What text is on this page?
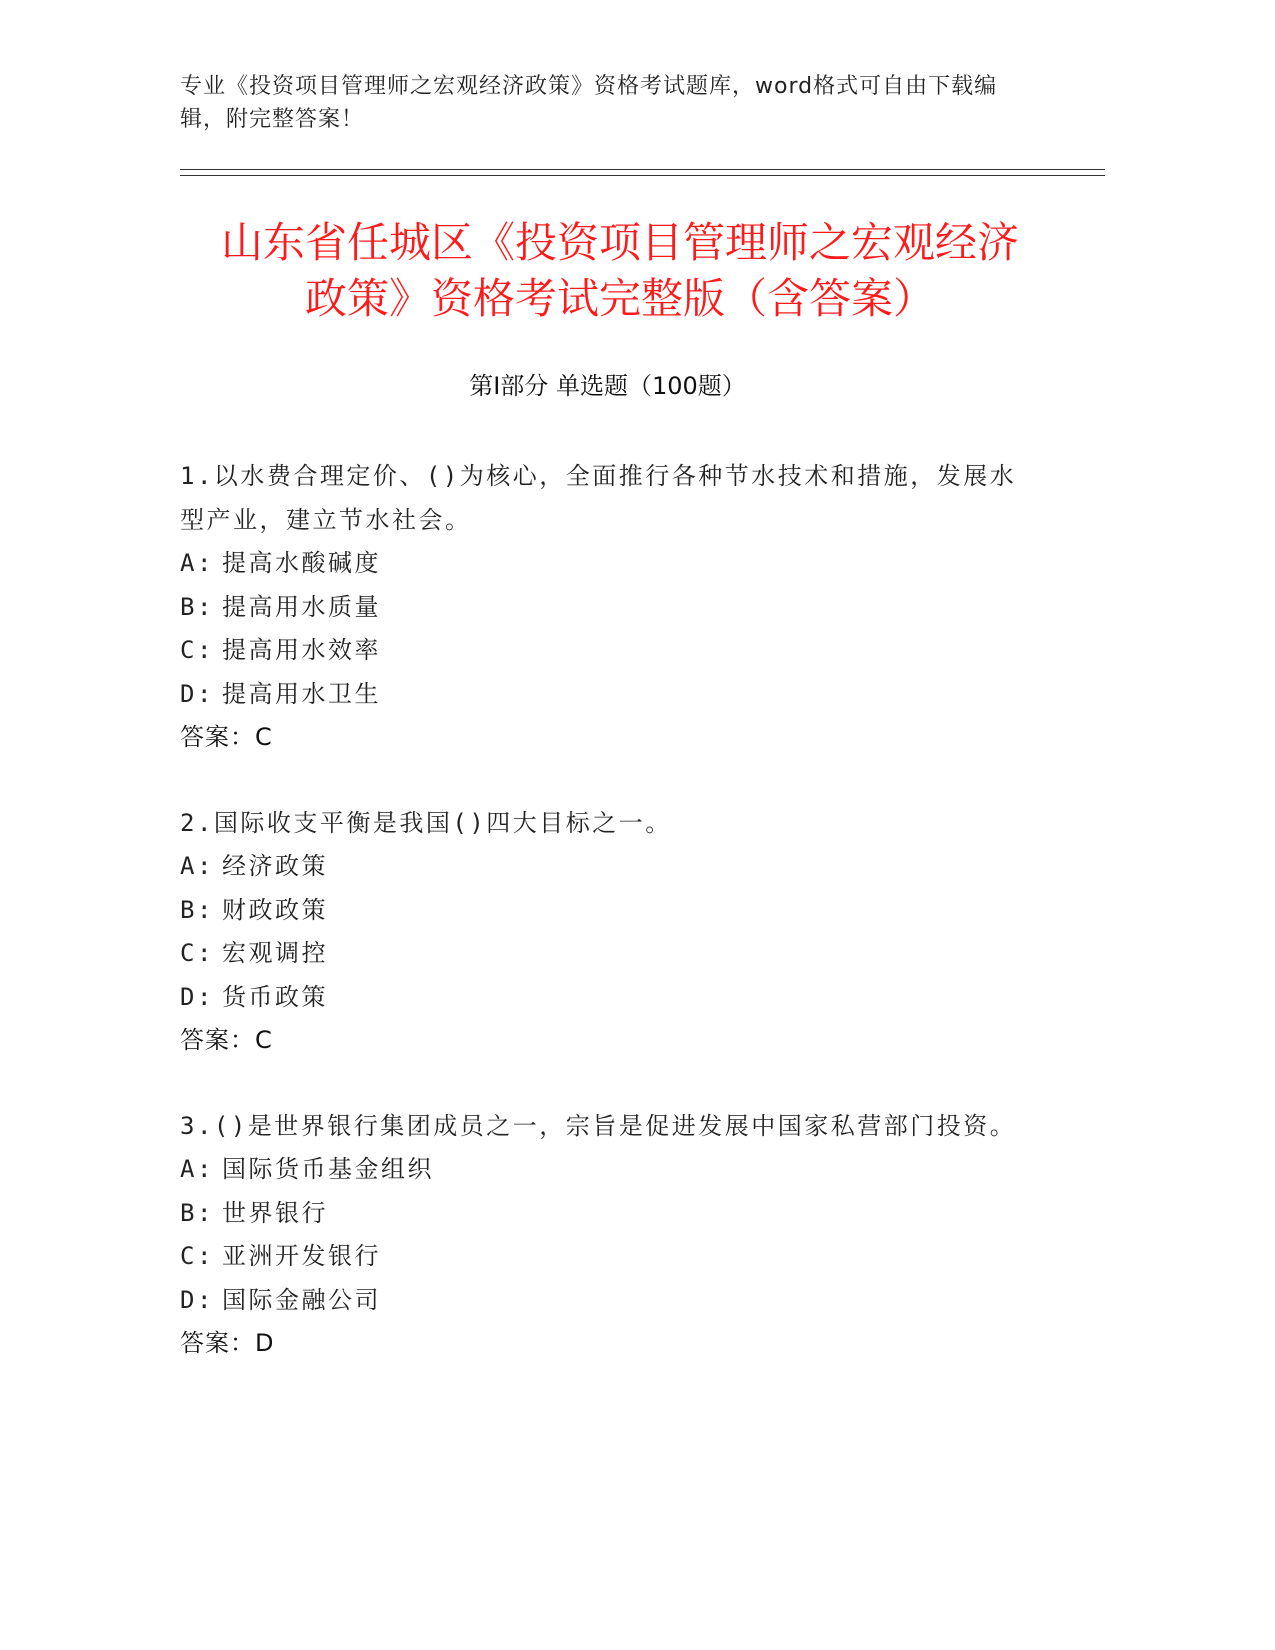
专业《投资项目管理师之宏观经济政策》资格考试题库，word格式可自由下载编辑，附完整答案！
山东省任城区《投资项目管理师之宏观经济
政策》资格考试完整版（含答案）
第Ⅰ部分 单选题（100题）
1.以水费合理定价、()为核心，全面推行各种节水技术和措施，发展水型产业，建立节水社会。
A: 提高水酸碱度
B: 提高用水质量
C: 提高用水效率
D: 提高用水卫生
答案：C
2.国际收支平衡是我国()四大目标之一。
A: 经济政策
B: 财政政策
C: 宏观调控
D: 货币政策
答案：C
3.()是世界银行集团成员之一，宗旨是促进发展中国家私营部门投资。
A: 国际货币基金组织
B: 世界银行
C: 亚洲开发银行
D: 国际金融公司
答案：D
